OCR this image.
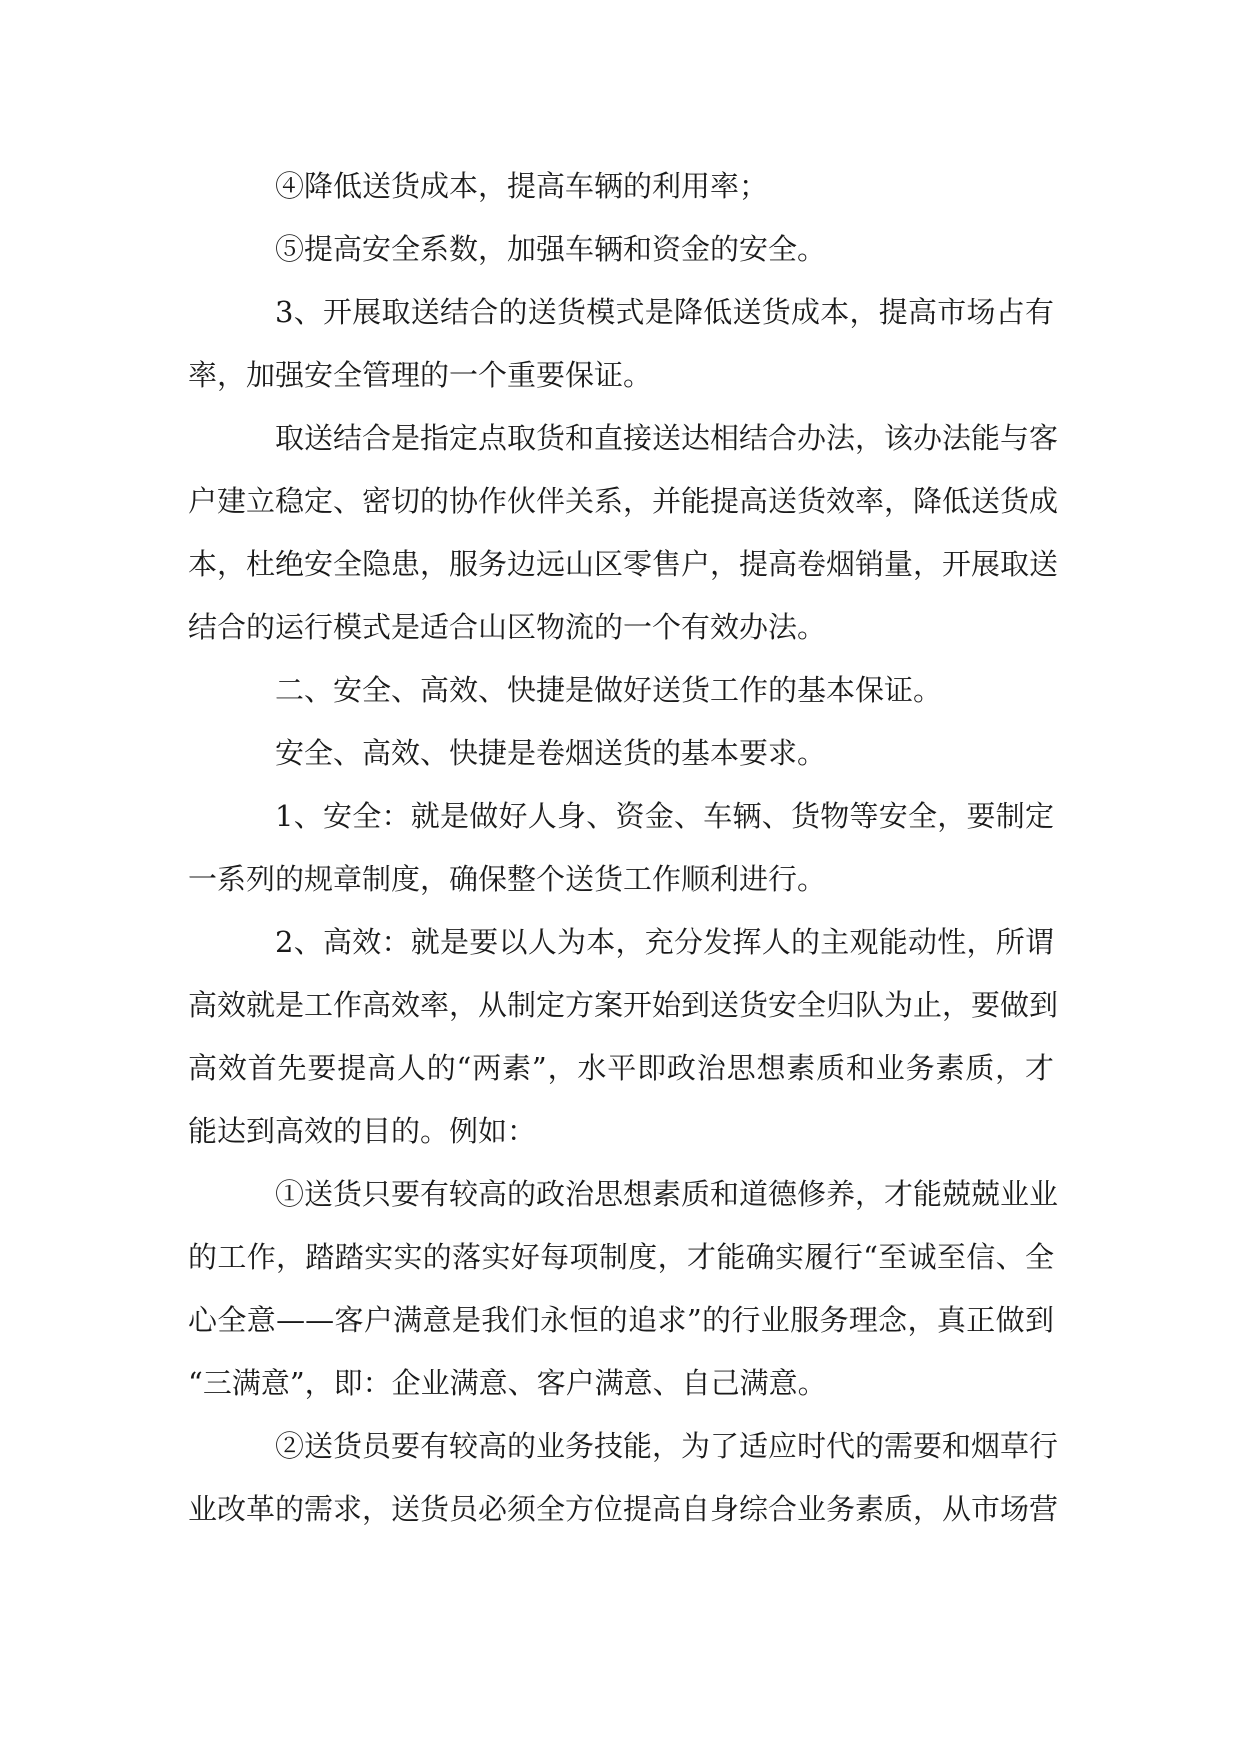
④降低送货成本，提高车辆的利用率；
⑤提高安全系数，加强车辆和资金的安全。
3、开展取送结合的送货模式是降低送货成本，提高市场占有
率，加强安全管理的一个重要保证。
取送结合是指定点取货和直接送达相结合办法，该办法能与客
户建立稳定、密切的协作伙伴关系，并能提高送货效率，降低送货成
本，杜绝安全隐患，服务边远山区零售户，提高卷烟销量，开展取送
结合的运行模式是适合山区物流的一个有效办法。
二、安全、高效、快捷是做好送货工作的基本保证。
安全、高效、快捷是卷烟送货的基本要求。
1、安全：就是做好人身、资金、车辆、货物等安全，要制定
一系列的规章制度，确保整个送货工作顺利进行。
2、高效：就是要以人为本，充分发挥人的主观能动性，所谓
高效就是工作高效率，从制定方案开始到送货安全归队为止，要做到
高效首先要提高人的“两素”，水平即政治思想素质和业务素质，才
能达到高效的目的。例如：
①送货只要有较高的政治思想素质和道德修养，才能兢兢业业
的工作，踏踏实实的落实好每项制度，才能确实履行“至诚至信、全
心全意——客户满意是我们永恒的追求”的行业服务理念，真正做到
“三满意”，即：企业满意、客户满意、自己满意。
②送货员要有较高的业务技能，为了适应时代的需要和烟草行
业改革的需求，送货员必须全方位提高自身综合业务素质，从市场营
